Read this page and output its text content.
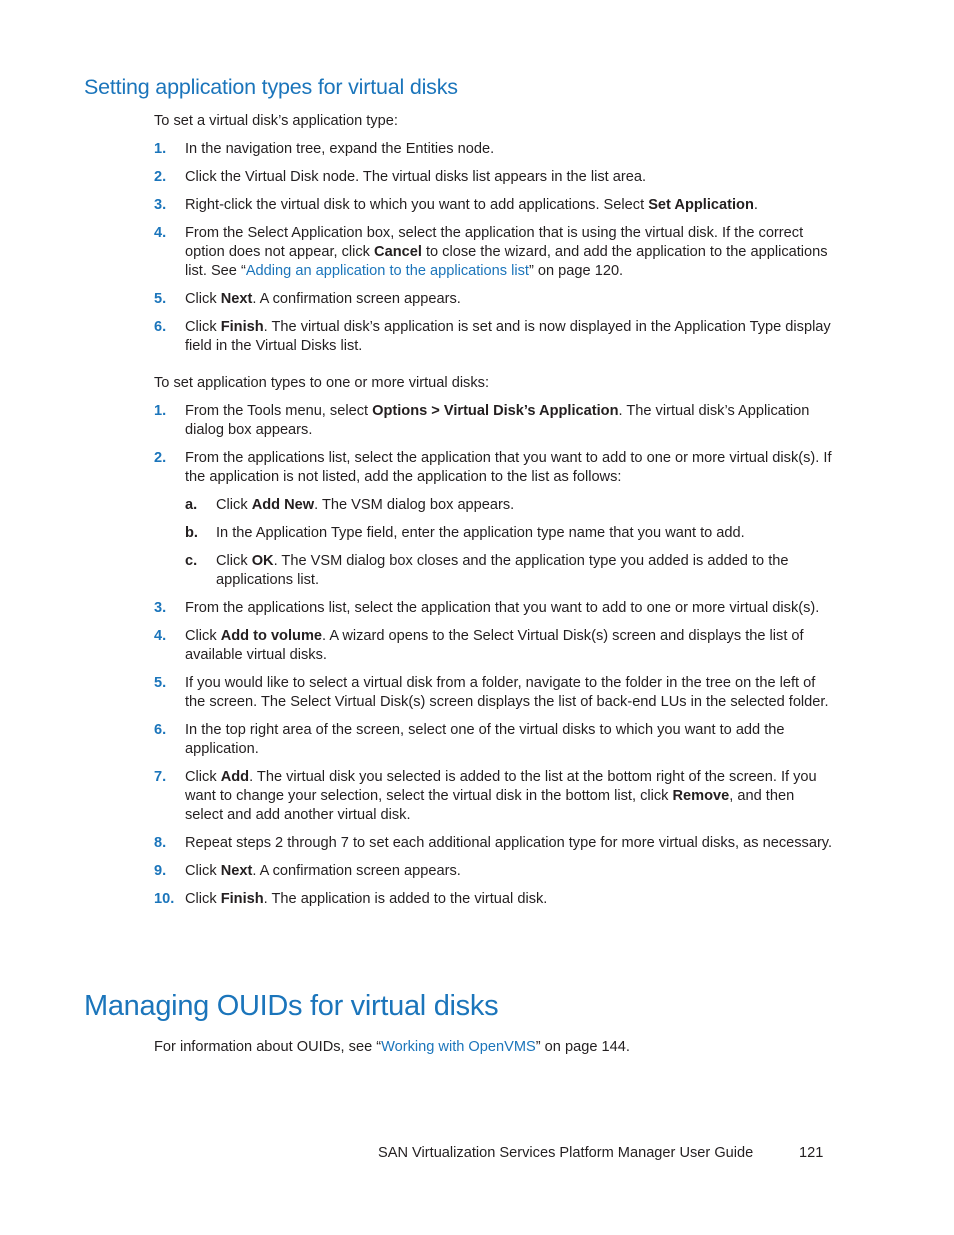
Setting application types for virtual disks

To set a virtual disk’s application type:

1. In the navigation tree, expand the Entities node.
2. Click the Virtual Disk node. The virtual disks list appears in the list area.
3. Right-click the virtual disk to which you want to add applications. Select Set Application.
4. From the Select Application box, select the application that is using the virtual disk. If the correct option does not appear, click Cancel to close the wizard, and add the application to the applications list. See “Adding an application to the applications list” on page 120.
5. Click Next. A confirmation screen appears.
6. Click Finish. The virtual disk’s application is set and is now displayed in the Application Type display field in the Virtual Disks list.

To set application types to one or more virtual disks:

1. From the Tools menu, select Options > Virtual Disk’s Application. The virtual disk’s Application dialog box appears.
2. From the applications list, select the application that you want to add to one or more virtual disk(s). If the application is not listed, add the application to the list as follows:
a. Click Add New. The VSM dialog box appears.
b. In the Application Type field, enter the application type name that you want to add.
c. Click OK. The VSM dialog box closes and the application type you added is added to the applications list.
3. From the applications list, select the application that you want to add to one or more virtual disk(s).
4. Click Add to volume. A wizard opens to the Select Virtual Disk(s) screen and displays the list of available virtual disks.
5. If you would like to select a virtual disk from a folder, navigate to the folder in the tree on the left of the screen. The Select Virtual Disk(s) screen displays the list of back-end LUs in the selected folder.
6. In the top right area of the screen, select one of the virtual disks to which you want to add the application.
7. Click Add. The virtual disk you selected is added to the list at the bottom right of the screen. If you want to change your selection, select the virtual disk in the bottom list, click Remove, and then select and add another virtual disk.
8. Repeat steps 2 through 7 to set each additional application type for more virtual disks, as necessary.
9. Click Next. A confirmation screen appears.
10. Click Finish. The application is added to the virtual disk.
Managing OUIDs for virtual disks

For information about OUIDs, see “Working with OpenVMS” on page 144.

SAN Virtualization Services Platform Manager User Guide	121
